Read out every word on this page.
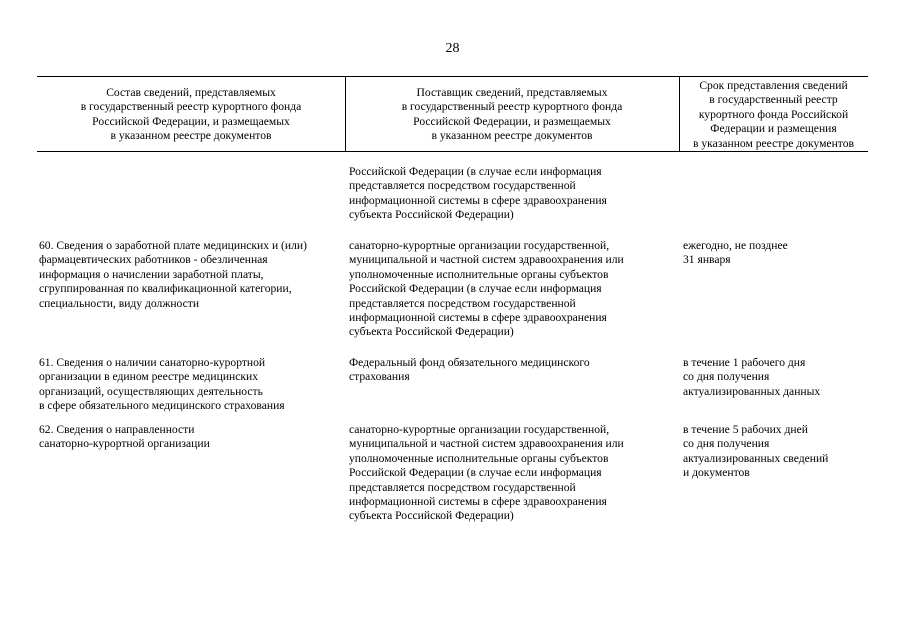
28
Состав сведений, представляемых
в государственный реестр курортного фонда
Российской Федерации, и размещаемых
в указанном реестре документов
Поставщик сведений, представляемых
в государственный реестр курортного фонда
Российской Федерации, и размещаемых
в указанном реестре документов
Срок представления сведений
в государственный реестр
курортного фонда Российской
Федерации и размещения
в указанном реестре документов
Российской Федерации (в случае если информация
представляется посредством государственной
информационной системы в сфере здравоохранения
субъекта Российской Федерации)
60. Сведения о заработной плате медицинских и (или)
фармацевтических работников - обезличенная
информация о начислении заработной платы,
сгруппированная по квалификационной категории,
специальности, виду должности
санаторно-курортные организации государственной,
муниципальной и частной систем здравоохранения или
уполномоченные исполнительные органы субъектов
Российской Федерации (в случае если информация
представляется посредством государственной
информационной системы в сфере здравоохранения
субъекта Российской Федерации)
ежегодно, не позднее
31 января
61. Сведения о наличии санаторно-курортной
организации в едином реестре медицинских
организаций, осуществляющих деятельность
в сфере обязательного медицинского страхования
Федеральный фонд обязательного медицинского
страхования
в течение 1 рабочего дня
со дня получения
актуализированных данных
62. Сведения о направленности
санаторно-курортной организации
санаторно-курортные организации государственной,
муниципальной и частной систем здравоохранения или
уполномоченные исполнительные органы субъектов
Российской Федерации (в случае если информация
представляется посредством государственной
информационной системы в сфере здравоохранения
субъекта Российской Федерации)
в течение 5 рабочих дней
со дня получения
актуализированных сведений
и документов
